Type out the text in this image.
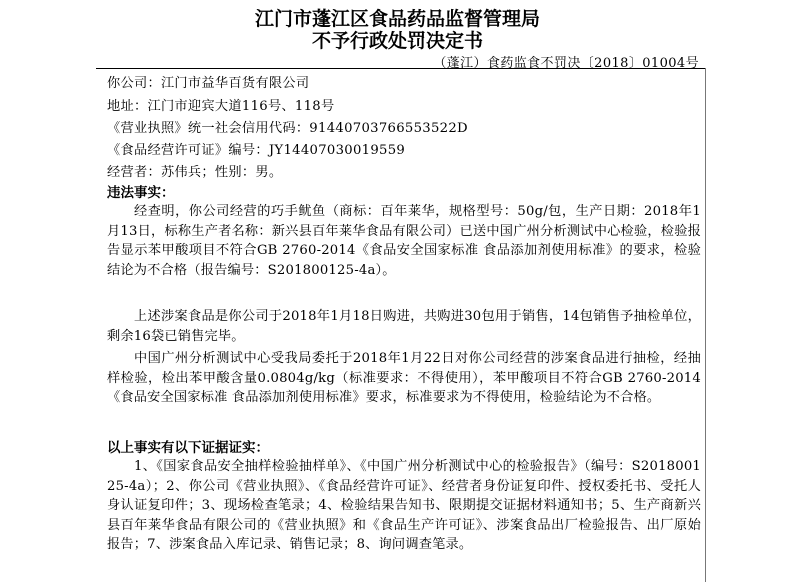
江门市蓬江区食品药品监督管理局
不予行政处罚决定书
（蓬江）食药监食不罚决〔2018〕01004号
你公司：江门市益华百货有限公司
地址：江门市迎宾大道116号、118号
《营业执照》统一社会信用代码：91440703766553522D
《食品经营许可证》编号：JY14407030019559
经营者：苏伟兵；性别：男。
违法事实：
经查明，你公司经营的巧手鱿鱼（商标：百年莱华，规格型号：50g/包，生产日期：2018年1月13日，标称生产者名称：新兴县百年莱华食品有限公司）已送中国广州分析测试中心检验，检验报告显示苯甲酸项目不符合GB 2760-2014《食品安全国家标准 食品添加剂使用标准》的要求，检验结论为不合格（报告编号：S201800125-4a）。
上述涉案食品是你公司于2018年1月18日购进，共购进30包用于销售，14包销售予抽检单位，剩余16袋已销售完毕。
中国广州分析测试中心受我局委托于2018年1月22日对你公司经营的涉案食品进行抽检，经抽样检验，检出苯甲酸含量0.0804g/kg（标准要求：不得使用），苯甲酸项目不符合GB 2760-2014《食品安全国家标准 食品添加剂使用标准》要求，标准要求为不得使用，检验结论为不合格。
以上事实有以下证据证实：
1、《国家食品安全抽样检验抽样单》、《中国广州分析测试中心的检验报告》（编号：S201800125-4a）；2、你公司《营业执照》、《食品经营许可证》、经营者身份证复印件、授权委托书、受托人身认证复印件；3、现场检查笔录；4、检验结果告知书、限期提交证据材料通知书；5、生产商新兴县百年莱华食品有限公司的《营业执照》和《食品生产许可证》、涉案食品出厂检验报告、出厂原始报告；7、涉案食品入库记录、销售记录；8、询问调查笔录。
